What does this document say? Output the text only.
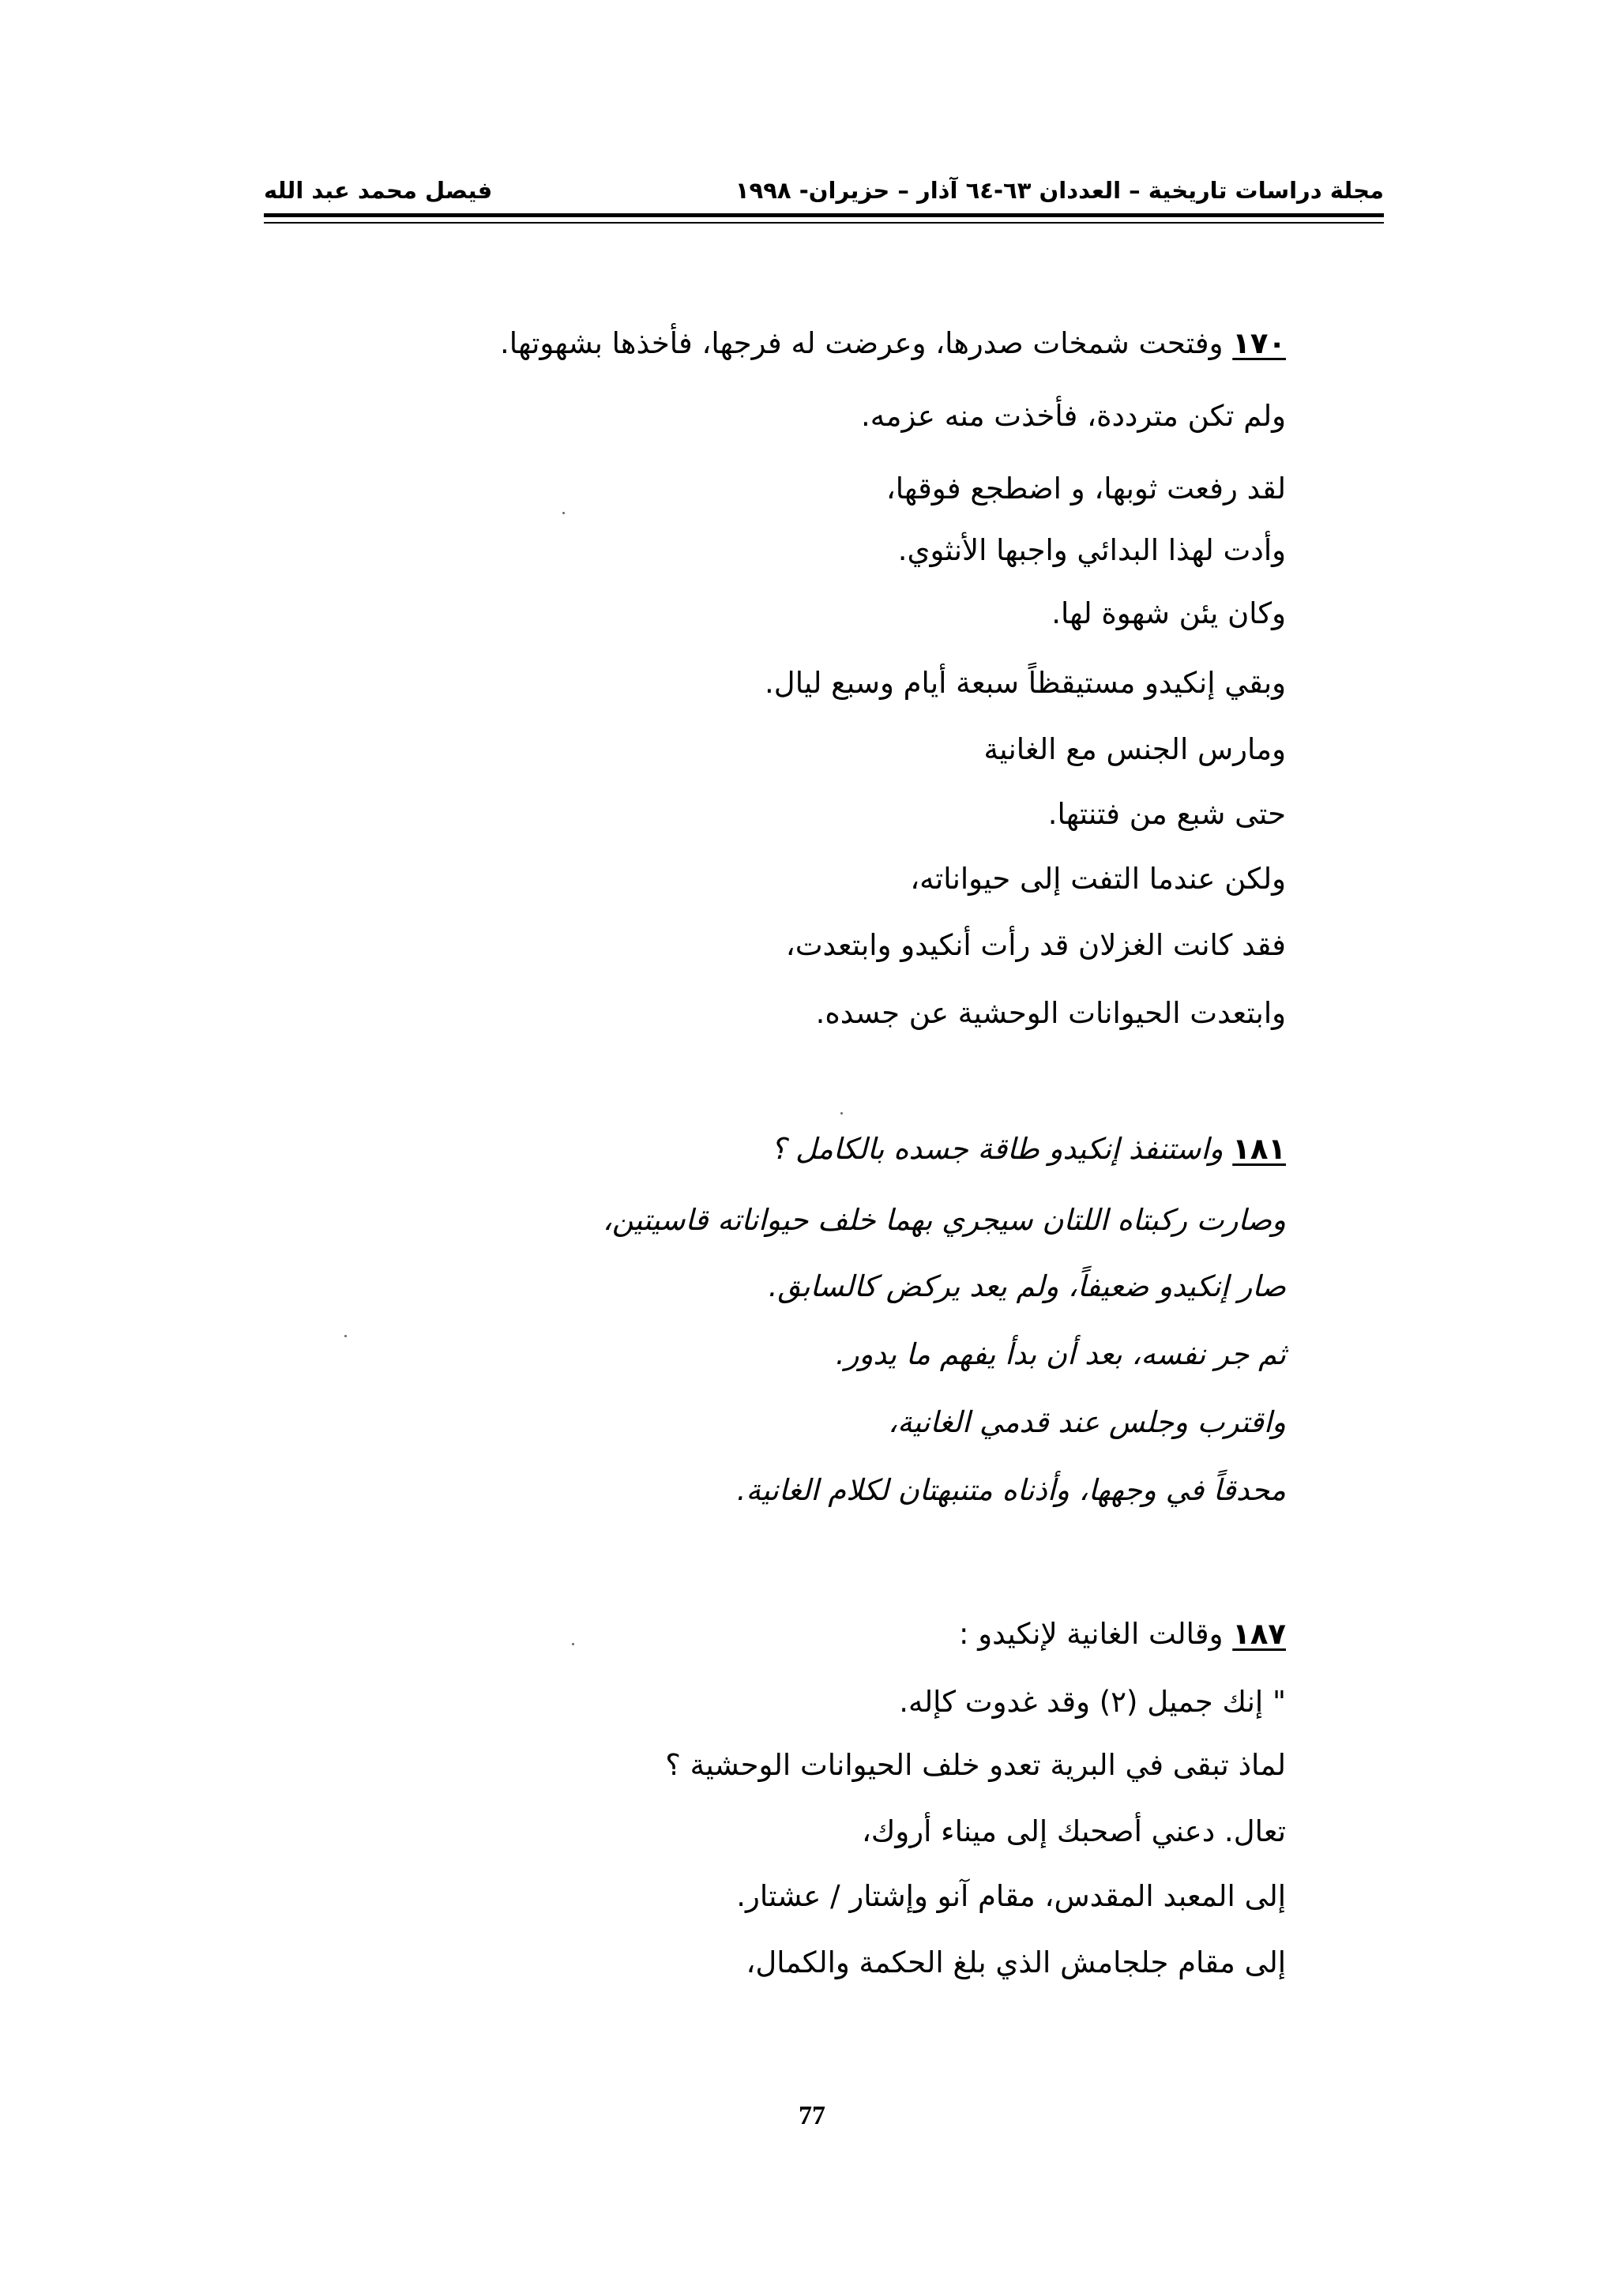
مجلة دراسات تاريخية – العددان ٦٣-٦٤ آذار – حزيران- ١٩٩٨
فيصل محمد عبد الله
١٧٠ وفتحت شمخات صدرها، وعرضت له فرجها، فأخذها بشهوتها.
ولم تكن مترددة، فأخذت منه عزمه.
لقد رفعت ثوبها، و اضطجع فوقها،
وأدت لهذا البدائي واجبها الأنثوي.
وكان يئن شهوة لها.
وبقي إنكيدو مستيقظاً سبعة أيام وسبع ليال.
ومارس الجنس مع الغانية
حتى شبع من فتنتها.
ولكن عندما التفت إلى حيواناته،
فقد كانت الغزلان قد رأت أنكيدو وابتعدت،
وابتعدت الحيوانات الوحشية عن جسده.
١٨١ واستنفذ إنكيدو طاقة جسده بالكامل ؟
وصارت ركبتاه اللتان سيجري بهما خلف حيواناته قاسيتين،
صار إنكيدو ضعيفاً، ولم يعد يركض كالسابق.
ثم جر نفسه، بعد أن بدأ يفهم ما يدور.
واقترب وجلس عند قدمي الغانية،
محدقاً في وجهها، وأذناه متنبهتان لكلام الغانية.
١٨٧ وقالت الغانية لإنكيدو :
" إنك جميل (٢) وقد غدوت كإله.
لماذ تبقى في البرية تعدو خلف الحيوانات الوحشية ؟
تعال. دعني أصحبك إلى ميناء أروك،
إلى المعبد المقدس، مقام آنو وإشتار / عشتار.
إلى مقام جلجامش الذي بلغ الحكمة والكمال،
77
